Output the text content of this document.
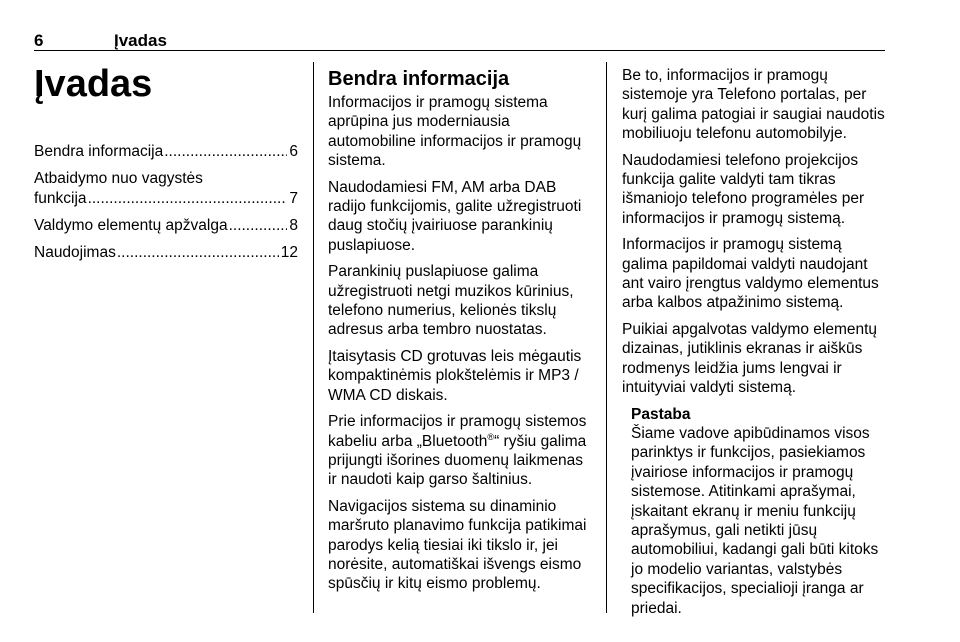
6	Įvadas
Įvadas
Bendra informacija .....	6
Atbaidymo nuo vagystės
funkcija .....	7
Valdymo elementų apžvalga .....	8
Naudojimas .....	12
Bendra informacija

Informacijos ir pramogų sistema aprūpina jus moderniausia automobiline informacijos ir pramogų sistema.

Naudodamiesi FM, AM arba DAB radijo funkcijomis, galite užregistruoti daug stočių įvairiuose parankinių puslapiuose.

Parankinių puslapiuose galima užregistruoti netgi muzikos kūrinius, telefono numerius, kelionės tikslų adresus arba tembro nuostatas.

Įtaisytasis CD grotuvas leis mėgautis kompaktinėmis plokštelėmis ir MP3 / WMA CD diskais.

Prie informacijos ir pramogų sistemos kabeliu arba „Bluetooth®“ ryšiu galima prijungti išorines duomenų laikmenas ir naudoti kaip garso šaltinius.

Navigacijos sistema su dinaminio maršruto planavimo funkcija patikimai parodys kelią tiesiai iki tikslo ir, jei norėsite, automatiškai išvengs eismo spūsčių ir kitų eismo problemų.

Be to, informacijos ir pramogų sistemoje yra Telefono portalas, per kurį galima patogiai ir saugiai naudotis mobiliuoju telefonu automobilyje.

Naudodamiesi telefono projekcijos funkcija galite valdyti tam tikras išmaniojo telefono programėles per informacijos ir pramogų sistemą.

Informacijos ir pramogų sistemą galima papildomai valdyti naudojant ant vairo įrengtus valdymo elementus arba kalbos atpažinimo sistemą.

Puikiai apgalvotas valdymo elementų dizainas, jutiklinis ekranas ir aiškūs rodmenys leidžia jums lengvai ir intuityviai valdyti sistemą.

Pastaba
Šiame vadove apibūdinamos visos parinktys ir funkcijos, pasiekiamos įvairiose informacijos ir pramogų sistemose. Atitinkami aprašymai, įskaitant ekranų ir meniu funkcijų aprašymus, gali netikti jūsų automobiliui, kadangi gali būti kitoks jo modelio variantas, valstybės specifikacijos, specialioji įranga ar priedai.
